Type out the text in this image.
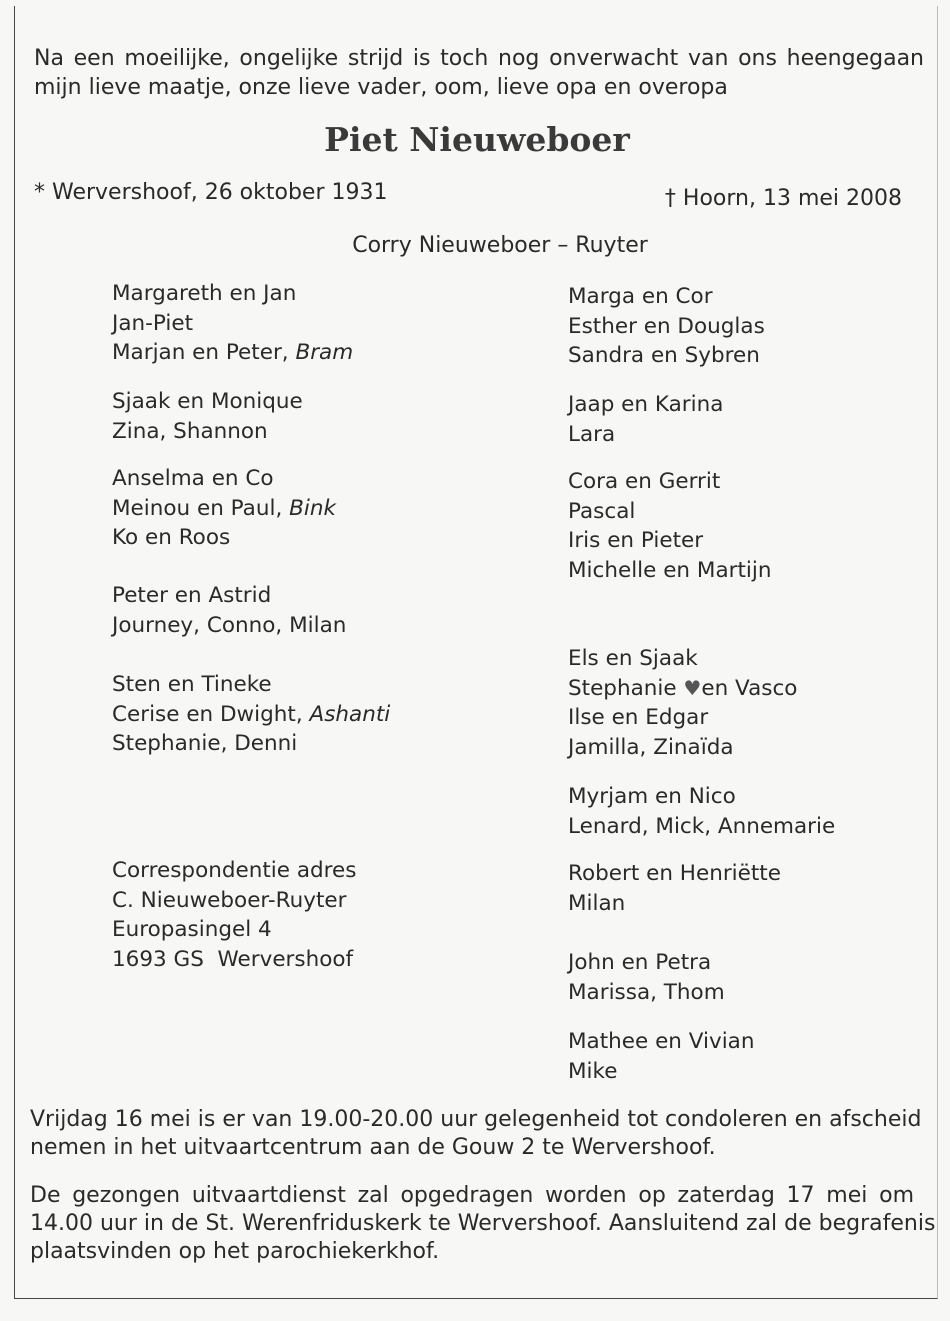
Na een moeilijke, ongelijke strijd is toch nog onverwacht van ons heengegaan
mijn lieve maatje, onze lieve vader, oom, lieve opa en overopa
Piet Nieuweboer
* Wervershoof, 26 oktober 1931	† Hoorn, 13 mei 2008
Corry Nieuweboer – Ruyter
Margareth en Jan
Jan-Piet
Marjan en Peter, Bram
Sjaak en Monique
Zina, Shannon
Anselma en Co
Meinou en Paul, Bink
Ko en Roos
Peter en Astrid
Journey, Conno, Milan
Sten en Tineke
Cerise en Dwight, Ashanti
Stephanie, Denni
Correspondentie adres
C. Nieuweboer-Ruyter
Europasingel 4
1693 GS  Wervershoof
Marga en Cor
Esther en Douglas
Sandra en Sybren
Jaap en Karina
Lara
Cora en Gerrit
Pascal
Iris en Pieter
Michelle en Martijn
Els en Sjaak
Stephanie ♥en Vasco
Ilse en Edgar
Jamilla, Zinaïda
Myrjam en Nico
Lenard, Mick, Annemarie
Robert en Henriëtte
Milan
John en Petra
Marissa, Thom
Mathee en Vivian
Mike
Vrijdag 16 mei is er van 19.00-20.00 uur gelegenheid tot condoleren en afscheid
nemen in het uitvaartcentrum aan de Gouw 2 te Wervershoof.
De gezongen uitvaartdienst zal opgedragen worden op zaterdag 17 mei om
14.00 uur in de St. Werenfriduskerk te Wervershoof. Aansluitend zal de begrafenis
plaatsvinden op het parochiekerkhof.
